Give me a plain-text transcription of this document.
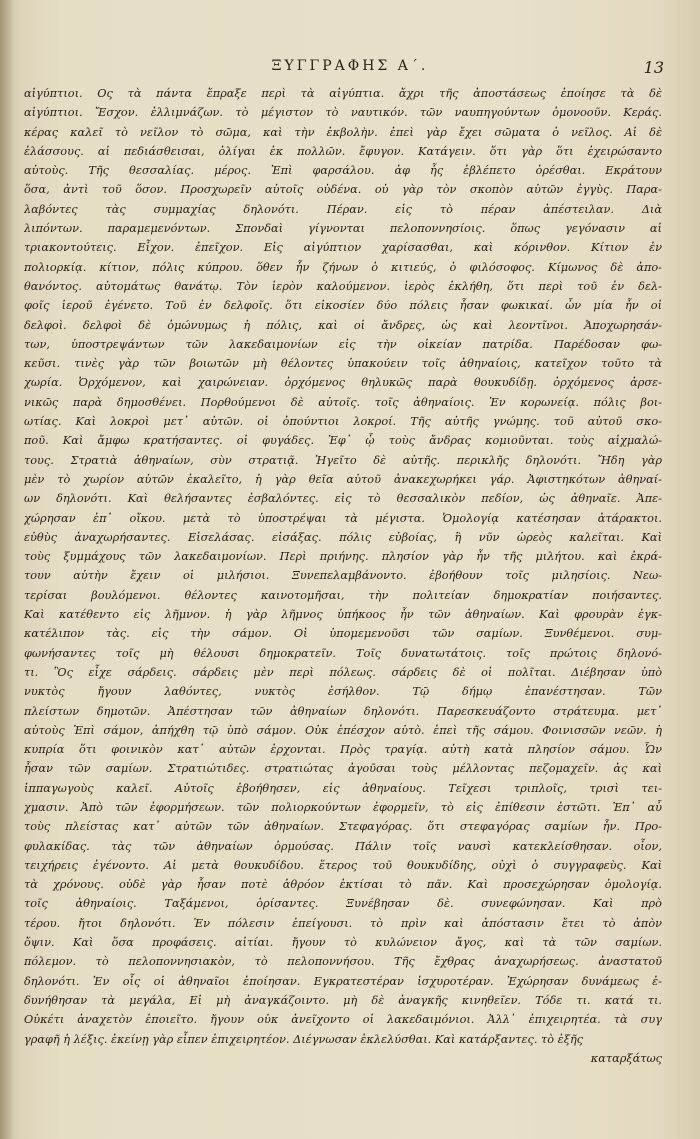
ΞΥΓΓΡΑΦΗΣ Α΄.	13
αἰγύπτιοι. Ος τὰ πάντα ἔπραξε περὶ τὰ αἰγύπτια. ἄχρι τῆς ἀποστάσεως ἐποίησε τὰ δὲ
αἰγύπτιοι. Ἔσχον. ἐλλιμνάζων. τὸ μέγιστον τὸ ναυτικόν. τῶν ναυπηγούντων ὁμονοοῦν. Κεράς.
κέρας καλεῖ τὸ νεῖλον τὸ σῶμα, καὶ τὴν ἐκβολὴν. ἐπεὶ γὰρ ἔχει σῶματα ὁ νεῖλος. Αἱ δὲ
ἐλάσσους. αἱ πεδιάσθεισαι, ὀλίγαι ἐκ πολλῶν. ἔφυγον. Κατάγειν. ὅτι γὰρ ὅτι ἐχειρώσαντο
αὐτοὺς. Τῆς θεσσαλίας. μέρος. Ἐπὶ φαρσάλου. ἀφ ἧς ἐβλέπετο ὀρέσθαι. Εκράτουν
ὅσα, ἀντὶ τοῦ ὅσον. Προσχωρεῖν αὐτοῖς οὐδένα. οὐ γὰρ τὸν σκοπὸν αὐτῶν ἐγγὺς. Παρα-
λαβόντες τὰς συμμαχίας δηλονότι. Πέραν. εἰς τὸ πέραν ἀπέστειλαν. Διὰ
λιπόντων. παραμεμενόντων. Σπονδαὶ γίγνονται πελοποννησίοις. ὅπως γεγόνασιν αἱ
τριακοντούτεις. Εἶχον. ἐπεῖχον. Εἰς αἰγύπτιον χαρίσασθαι, καὶ κόρινθον. Κίτιον ἐν
πολιορκίᾳ. κίτιον, πόλις κύπρου. ὅθεν ἦν ζήνων ὁ κιτιεύς, ὁ φιλόσοφος. Κίμωνος δὲ ἀπο-
θανόντος. αὐτομάτως θανάτῳ. Τὸν ἱερὸν καλούμενον. ἱερὸς ἐκλήθη, ὅτι περὶ τοῦ ἐν δελ-
φοῖς ἱεροῦ ἐγένετο. Τοῦ ἐν δελφοῖς. ὅτι εἰκοσίεν δύο πόλεις ἦσαν φωκικαί. ὧν μία ἦν οἱ
δελφοὶ. δελφοὶ δὲ ὁμώνυμως ἡ πόλις, καὶ οἱ ἄνδρες, ὡς καὶ λεοντῖνοι. Ἀποχωρησάν-
των, ὑποστρεψάντων τῶν λακεδαιμονίων εἰς τὴν οἰκείαν πατρίδα. Παρέδοσαν φω-
κεῦσι. τινὲς γὰρ τῶν βοιωτῶν μὴ θέλοντες ὑπακούειν τοῖς ἀθηναίοις, κατεῖχον τοῦτο τὰ
χωρία. Ὀρχόμενον, καὶ χαιρώνειαν. ὀρχόμενος θηλυκῶς παρὰ θουκυδίδῃ. ὀρχόμενος ἀρσε-
νικῶς παρὰ δημοσθένει. Πορθούμενοι δὲ αὐτοῖς. τοῖς ἀθηναίοις. Ἐν κορωνείᾳ. πόλις βοι-
ωτίας. Καὶ λοκροὶ μετ᾽ αὐτῶν. οἱ ὀπούντιοι λοκροί. Τῆς αὐτῆς γνώμης. τοῦ αὐτοῦ σκο-
ποῦ. Καὶ ἄμφω κρατήσαντες. οἱ φυγάδες. Ἐφ᾽ ᾧ τοὺς ἄνδρας κομιοῦνται. τοὺς αἰχμαλώ-
τους. Στρατιὰ ἀθηναίων, σὺν στρατιᾷ. Ἡγεῖτο δὲ αὐτῆς. περικλῆς δηλονότι. Ἤδη γὰρ
μὲν τὸ χωρίον αὐτῶν ἐκαλεῖτο, ἡ γὰρ θεῖα αὐτοῦ ἀνακεχωρήκει γάρ. Ἀφιστηκότων ἀθηναί-
ων δηλονότι. Καὶ θελήσαντες ἐσβαλόντες. εἰς τὸ θεσσαλικὸν πεδίον, ὡς ἀθηναῖε. Ἀπε-
χώρησαν ἐπ᾽ οἴκου. μετὰ τὸ ὑποστρέψαι τὰ μέγιστα. Ὁμολογίᾳ κατέσησαν ἀτάρακτοι.
εὐθὺς ἀναχωρήσαντες. Εἰσελάσας. εἰσάξας. πόλις εὐβοίας, ἣ νῦν ὡρεὸς καλεῖται. Καὶ
τοὺς ξυμμάχους τῶν λακεδαιμονίων. Περὶ πριήνης. πλησίον γὰρ ἦν τῆς μιλήτου. καὶ ἐκρά-
τουν αὐτὴν ἔχειν οἱ μιλήσιοι. Ξυνεπελαμβάνοντο. ἐβοήθουν τοῖς μιλησίοις. Νεω-
τερίσαι βουλόμενοι. θέλοντες καινοτομῆσαι, τὴν πολιτείαν δημοκρατίαν ποιήσαντες.
Καὶ κατέθεντο εἰς λῆμνον. ἡ γὰρ λῆμνος ὑπήκοος ἦν τῶν ἀθηναίων. Καὶ φρουρὰν ἐγκ-
κατέλιπον τὰς. εἰς τὴν σάμον. Οἱ ὑπομεμενοῦσι τῶν σαμίων. Ξυνθέμενοι. συμ-
φωνήσαντες τοῖς μὴ θέλουσι δημοκρατεῖν. Τοῖς δυνατωτάτοις. τοῖς πρώτοις δηλονό-
τι. Ὃς εἶχε σάρδεις. σάρδεις μὲν περὶ πόλεως. σάρδεις δὲ οἱ πολῖται. Διέβησαν ὑπὸ
νυκτὸς ἤγουν λαθόντες, νυκτὸς ἐσήλθον. Τῷ δήμῳ ἐπανέστησαν. Τῶν
πλείστων δημοτῶν. Ἀπέστησαν τῶν ἀθηναίων δηλονότι. Παρεσκευάζοντο στράτευμα. μετ᾽
αὐτοὺς Ἐπὶ σάμον, ἀπήχθη τῷ ὑπὸ σάμον. Οὐκ ἐπέσχον αὐτὸ. ἐπεὶ τῆς σάμου. Φοινισσῶν νεῶν. ἡ
κυπρία ὅτι φοινικὸν κατ᾽ αὐτῶν ἐρχονται. Πρὸς τραγίᾳ. αὐτὴ κατὰ πλησίον σάμου. Ὧν
ἦσαν τῶν σαμίων. Στρατιώτιδες. στρατιώτας ἀγοῦσαι τοὺς μέλλοντας πεζομαχεῖν. ἀς καὶ
ἱππαγωγοὺς καλεῖ. Αὐτοῖς ἐβοήθησεν, εἰς ἀθηναίους. Τεῖχεσι τριπλοῖς, τρισὶ τει-
χμασιν. Ἀπὸ τῶν ἐφορμήσεων. τῶν πολιορκούντων ἐφορμεῖν, τὸ εἰς ἐπίθεσιν ἐστῶτι. Ἐπ᾽ αὖ
τοὺς πλείστας κατ᾽ αὐτῶν τῶν ἀθηναίων. Στεφαγόρας. ὅτι στεφαγόρας σαμίων ἦν. Προ-
φυλακίδας. τὰς τῶν ἀθηναίων ὁρμούσας. Πάλιν τοῖς ναυσὶ κατεκλείσθησαν. οἶον,
τειχήρεις ἐγένοντο. Αἱ μετὰ θουκυδίδου. ἕτερος τοῦ θουκυδίδης, οὐχὶ ὁ συγγραφεὺς. Καὶ
τὰ χρόνους. οὐδὲ γὰρ ἦσαν ποτὲ ἀθρόον ἐκτίσαι τὸ πᾶν. Καὶ προσεχώρησαν ὁμολογίᾳ.
τοῖς ἀθηναίοις. Ταξάμενοι, ὁρίσαντες. Ξυνέβησαν δὲ. συνεφώνησαν. Καὶ πρὸ
τέρου. ἤτοι δηλονότι. Ἐν πόλεσιν ἐπείγουσι. τὸ πρὶν καὶ ἀπόστασιν ἔτει τὸ ἀπὸν
ὄψιν. Καὶ ὅσα προφάσεις. αἰτίαι. ἤγουν τὸ κυλώνειον ἄγος, καὶ τὰ τῶν σαμίων.
πόλεμον. τὸ πελοποννησιακὸν, τὸ πελοποννήσου. Τῆς ἔχθρας ἀναχωρήσεως. ἀναστατοῦ
δηλονότι. Ἐν οἷς οἱ ἀθηναῖοι ἐποίησαν. Εγκρατεστέραν ἰσχυροτέραν. Ἐχώρησαν δυνάμεως ἐ-
δυνήθησαν τὰ μεγάλα, Εἰ μὴ ἀναγκάζοιντο. μὴ δὲ ἀναγκῆς κινηθεῖεν. Τόδε τι. κατά τι.
Οὐκέτι ἀναχετὸν ἐποιεῖτο. ἤγουν οὐκ ἀνεῖχοντο οἱ λακεδαιμόνιοι. Ἀλλ᾽ ἐπιχειρητέα. τὰ συγ
γραφῆ ἡ λέξις. ἐκείνῃ γὰρ εἶπεν ἐπιχειρητέον. Διέγνωσαν ἐκλελύσθαι. Καὶ κατάρξαντες. τὸ ἐξῆς
καταρξάτως
